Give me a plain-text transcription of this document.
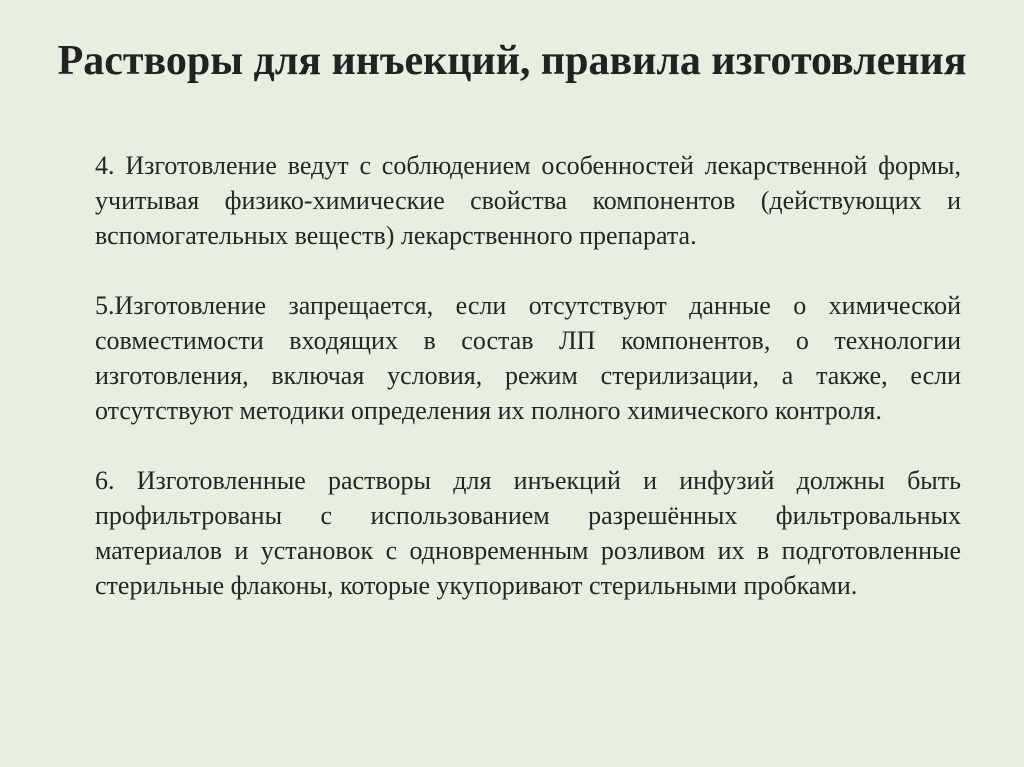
Растворы для инъекций, правила изготовления

4. Изготовление ведут с соблюдением особенностей лекарственной формы, учитывая физико-химические свойства компонентов (действующих и вспомогательных веществ) лекарственного препарата.

5.Изготовление запрещается, если отсутствуют данные о химической совместимости входящих в состав ЛП компонентов, о технологии изготовления, включая условия, режим стерилизации, а также, если отсутствуют методики определения их полного химического контроля.

6. Изготовленные растворы для инъекций и инфузий должны быть профильтрованы с использованием разрешённых фильтровальных материалов и установок с одновременным розливом их в подготовленные стерильные флаконы, которые укупоривают стерильными пробками.
